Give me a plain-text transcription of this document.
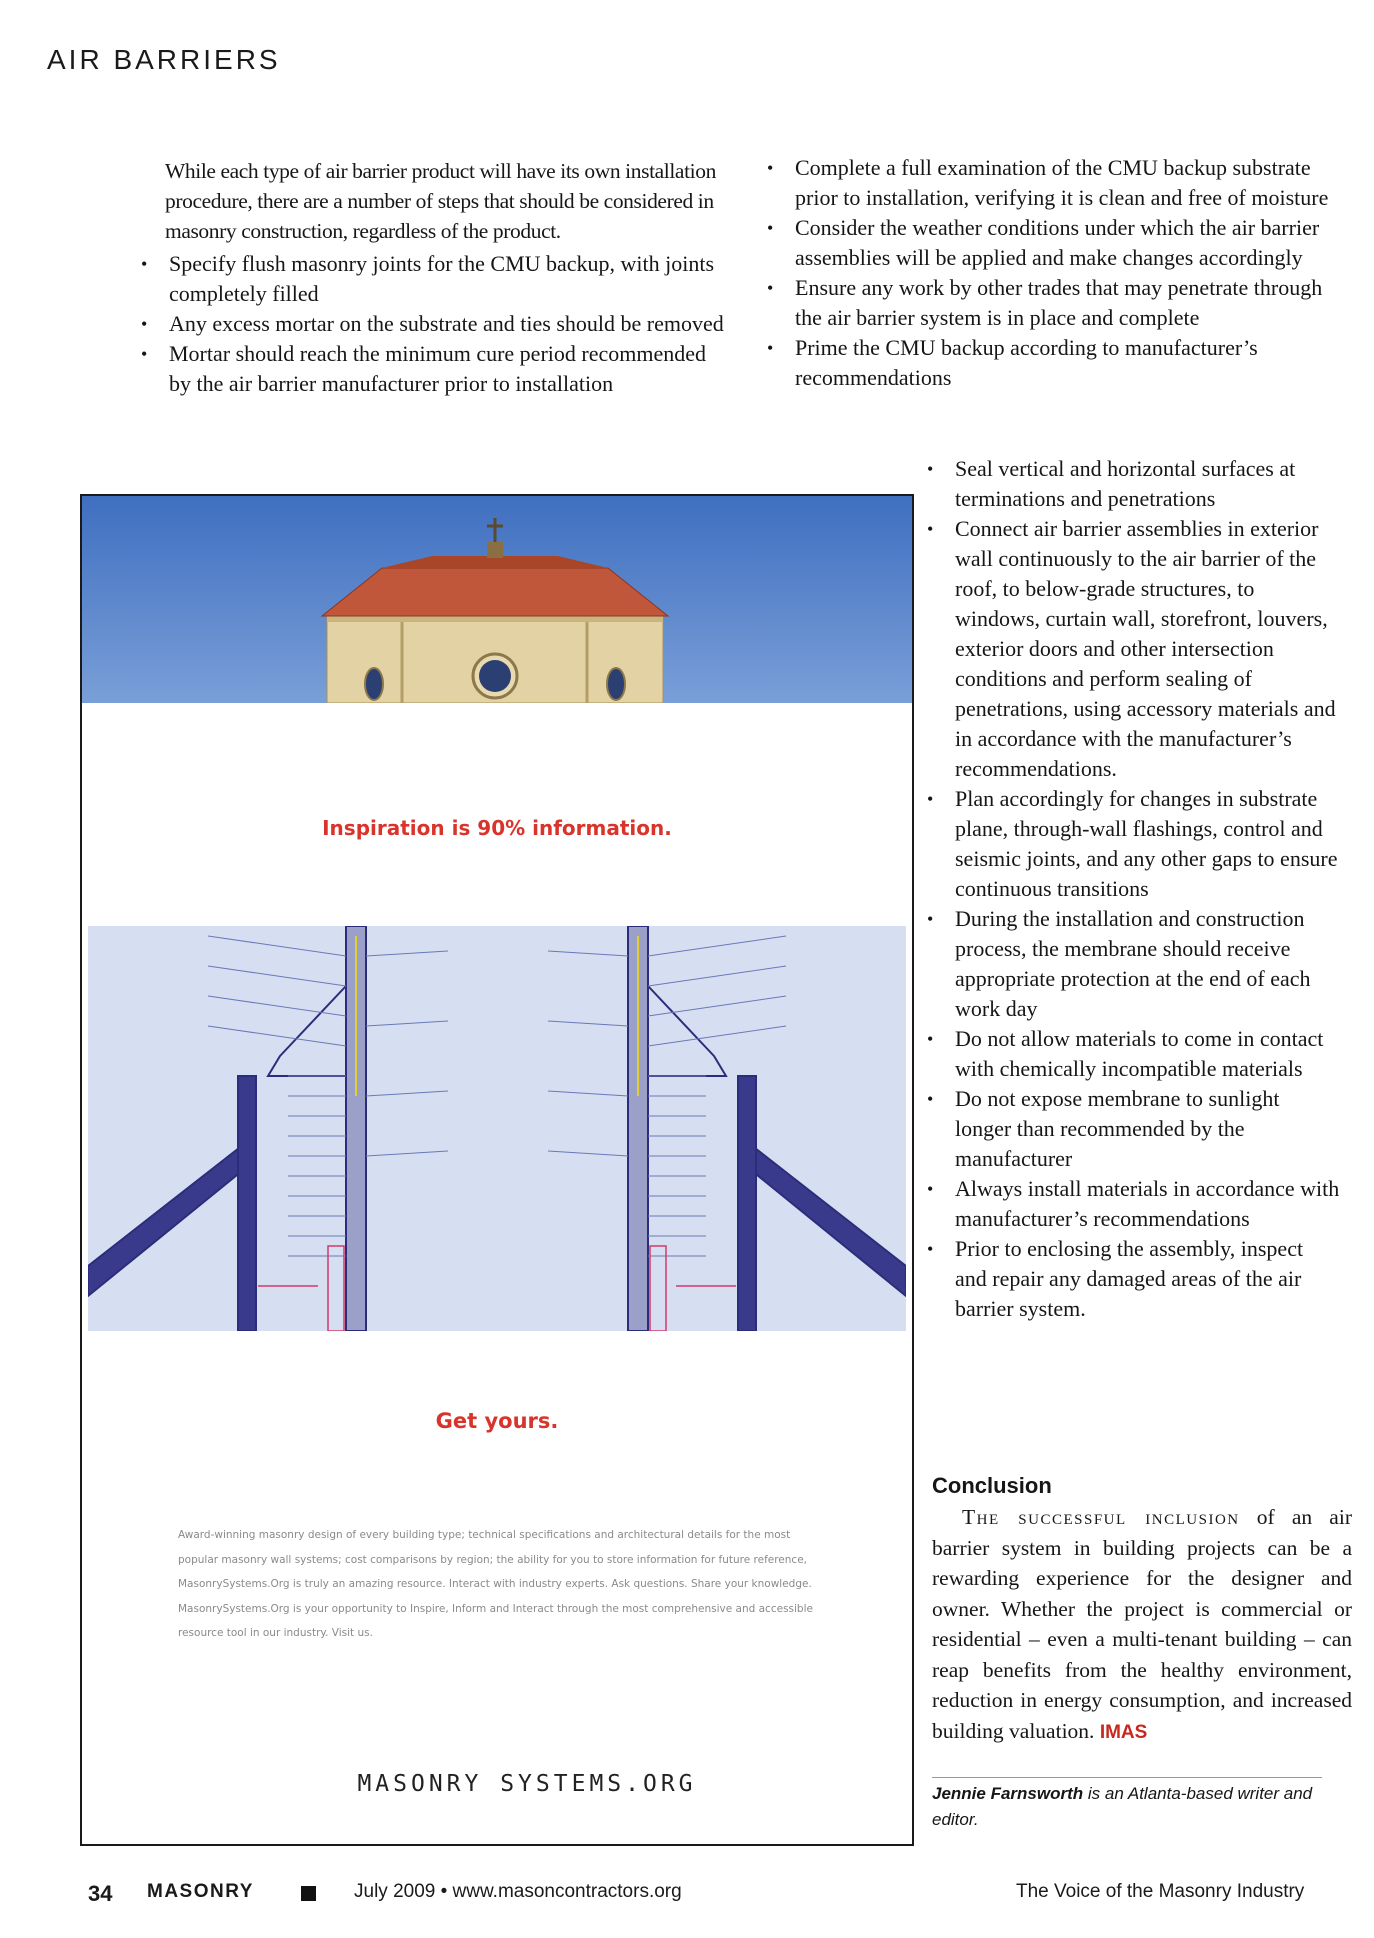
AIR BARRIERS

While each type of air barrier product will have its own installation procedure, there are a number of steps that should be considered in masonry construction, regardless of the product.

• Specify flush masonry joints for the CMU backup, with joints completely filled
• Any excess mortar on the substrate and ties should be removed
• Mortar should reach the minimum cure period recommended by the air barrier manufacturer prior to installation
• Complete a full examination of the CMU backup substrate prior to installation, verifying it is clean and free of moisture
• Consider the weather conditions under which the air barrier assemblies will be applied and make changes accordingly
• Ensure any work by other trades that may penetrate through the air barrier system is in place and complete
• Prime the CMU backup according to manufacturer’s recommendations
• Seal vertical and horizontal surfaces at terminations and penetrations
• Connect air barrier assemblies in exterior wall continuously to the air barrier of the roof, to below-grade structures, to windows, curtain wall, storefront, louvers, exterior doors and other intersection conditions and perform sealing of penetrations, using accessory materials and in accordance with the manufacturer’s recommendations.
• Plan accordingly for changes in substrate plane, through-wall flashings, control and seismic joints, and any other gaps to ensure continuous transitions
• During the installation and construction process, the membrane should receive appropriate protection at the end of each work day
• Do not allow materials to come in contact with chemically incompatible materials
• Do not expose membrane to sunlight longer than recommended by the manufacturer
• Always install materials in accordance with manufacturer’s recommendations
• Prior to enclosing the assembly, inspect and repair any damaged areas of the air barrier system.
Inspiration is 90% information.
Get yours.
Award-winning masonry design of every building type; technical specifications and architectural details for the most popular masonry wall systems; cost comparisons by region; the ability for you to store information for future reference, MasonrySystems.Org is truly an amazing resource. Interact with industry experts. Ask questions. Share your knowledge. MasonrySystems.Org is your opportunity to Inspire, Inform and Interact through the most comprehensive and accessible resource tool in our industry. Visit us.
MASONRY SYSTEMS.ORG
Conclusion

The successful inclusion of an air barrier system in building projects can be a rewarding experience for the designer and owner. Whether the project is commercial or residential – even a multi-tenant building – can reap benefits from the healthy environment, reduction in energy consumption, and increased building valuation. IMAS

Jennie Farnsworth is an Atlanta-based writer and editor.
34 MASONRY	July 2009 • www.masoncontractors.org	The Voice of the Masonry Industry
